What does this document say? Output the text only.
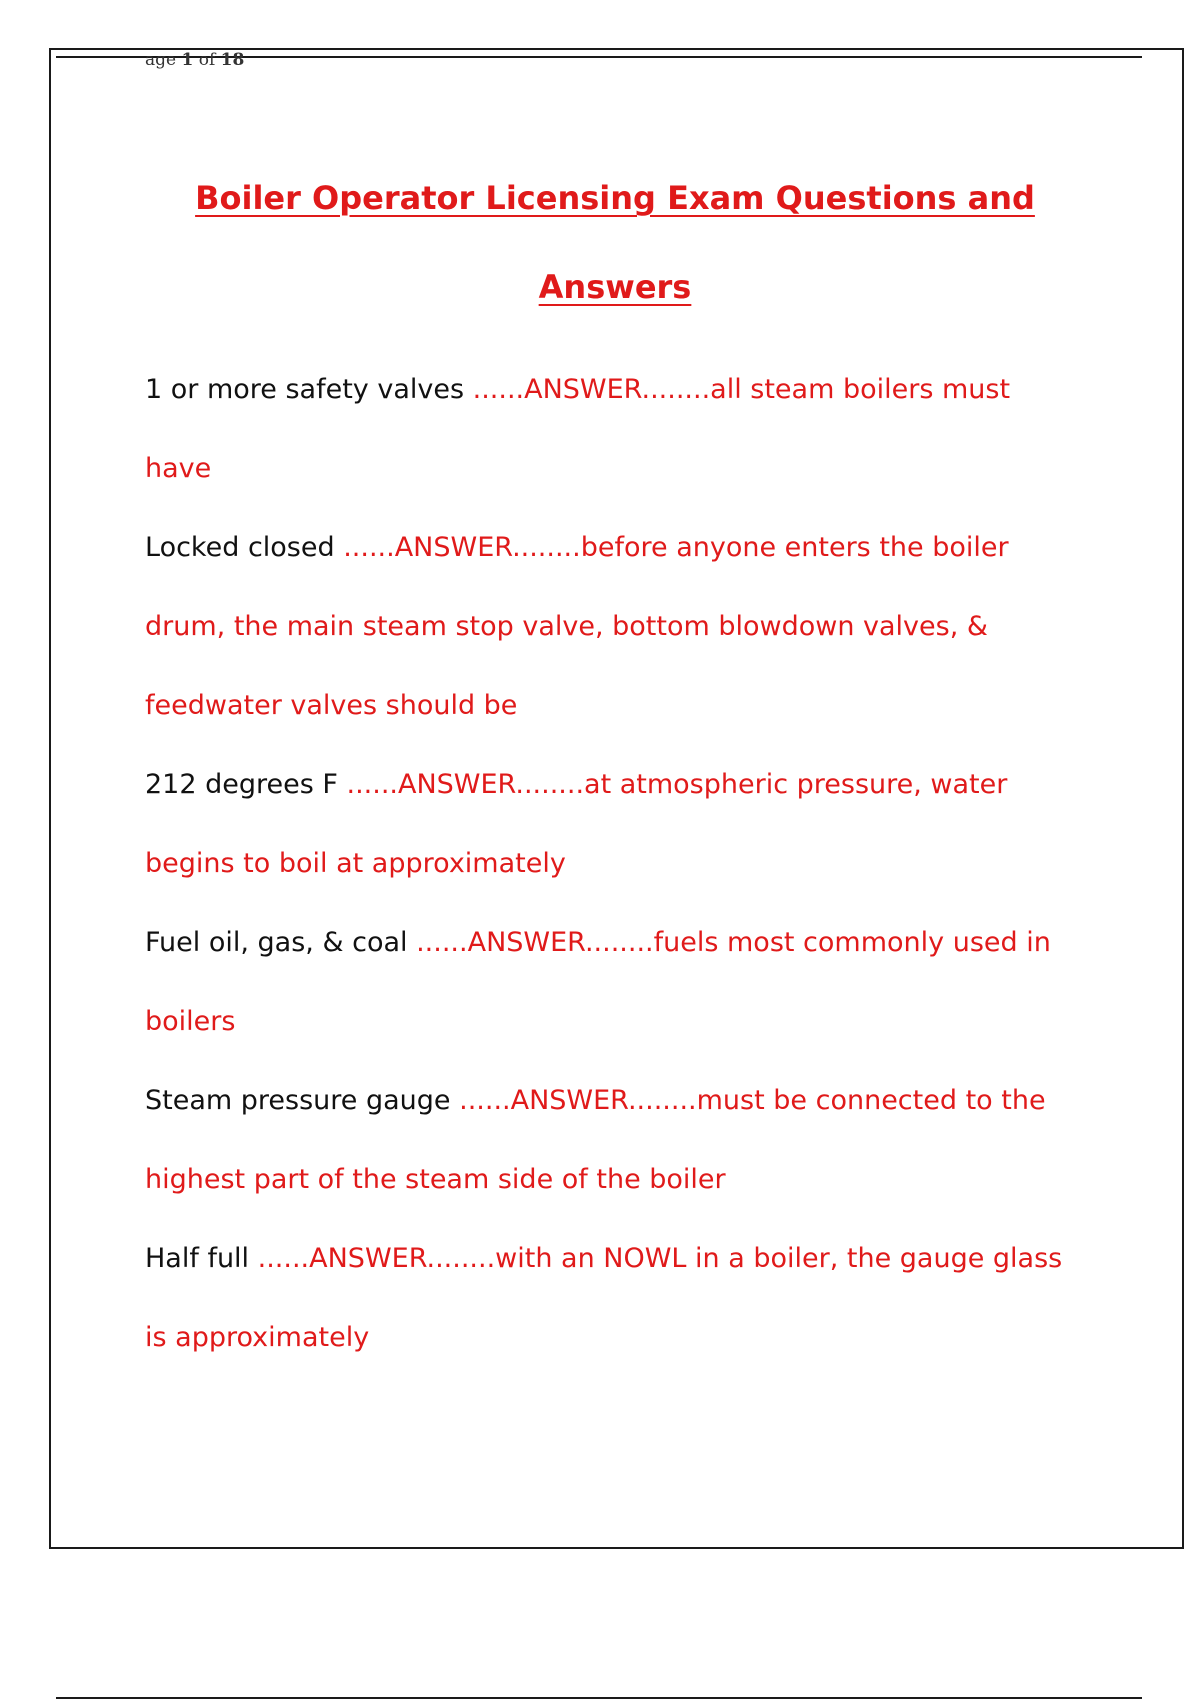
age 1 of 18
Boiler Operator Licensing Exam Questions and
Answers

1 or more safety valves ......ANSWER........all steam boilers must have

Locked closed ......ANSWER........before anyone enters the boiler drum, the main steam stop valve, bottom blowdown valves, & feedwater valves should be

212 degrees F ......ANSWER........at atmospheric pressure, water begins to boil at approximately

Fuel oil, gas, & coal ......ANSWER........fuels most commonly used in boilers

Steam pressure gauge ......ANSWER........must be connected to the highest part of the steam side of the boiler

Half full ......ANSWER........with an NOWL in a boiler, the gauge glass is approximately
